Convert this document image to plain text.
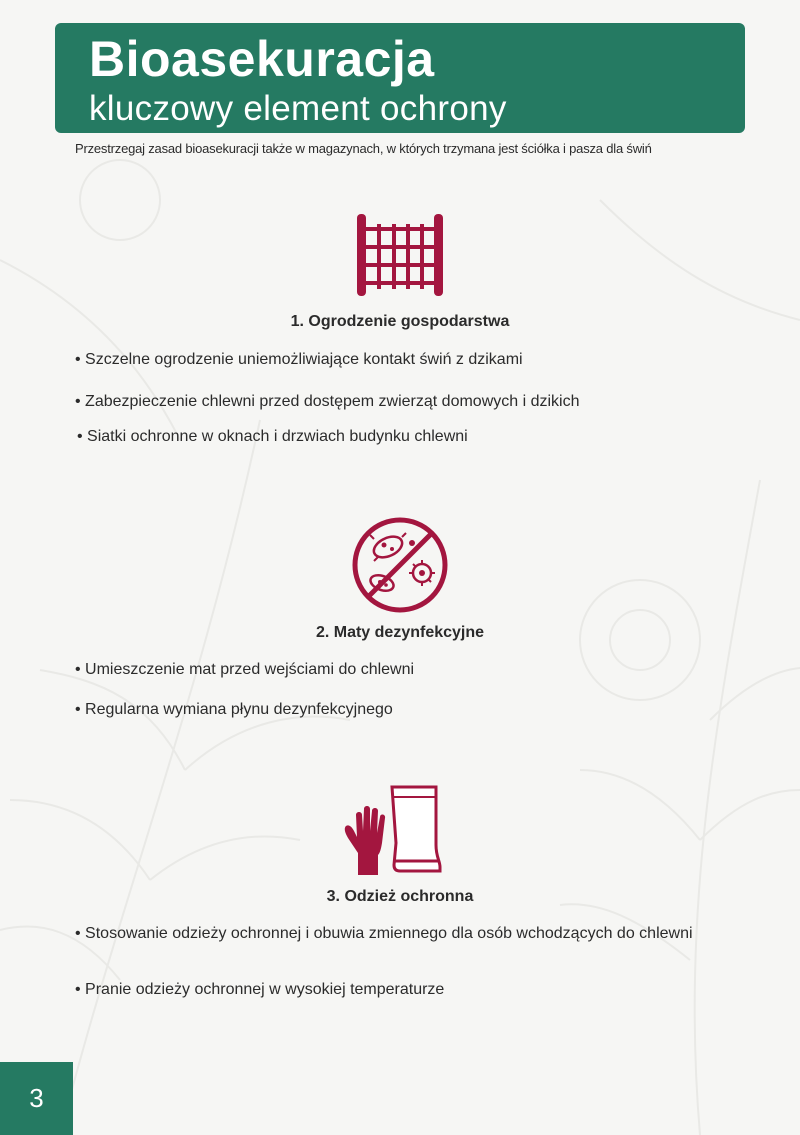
Bioasekuracja
kluczowy element ochrony
Przestrzegaj zasad bioasekuracji także w magazynach, w których trzymana jest ściółka i pasza dla świń
1. Ogrodzenie gospodarstwa
• Szczelne ogrodzenie uniemożliwiające kontakt świń z dzikami
• Zabezpieczenie chlewni przed dostępem zwierząt domowych i dzikich
• Siatki ochronne w oknach i drzwiach budynku chlewni
2. Maty dezynfekcyjne
• Umieszczenie mat przed wejściami do chlewni
• Regularna wymiana płynu dezynfekcyjnego
3. Odzież ochronna
• Stosowanie odzieży ochronnej i obuwia zmiennego dla osób wchodzących do chlewni
• Pranie odzieży ochronnej w wysokiej temperaturze
3
